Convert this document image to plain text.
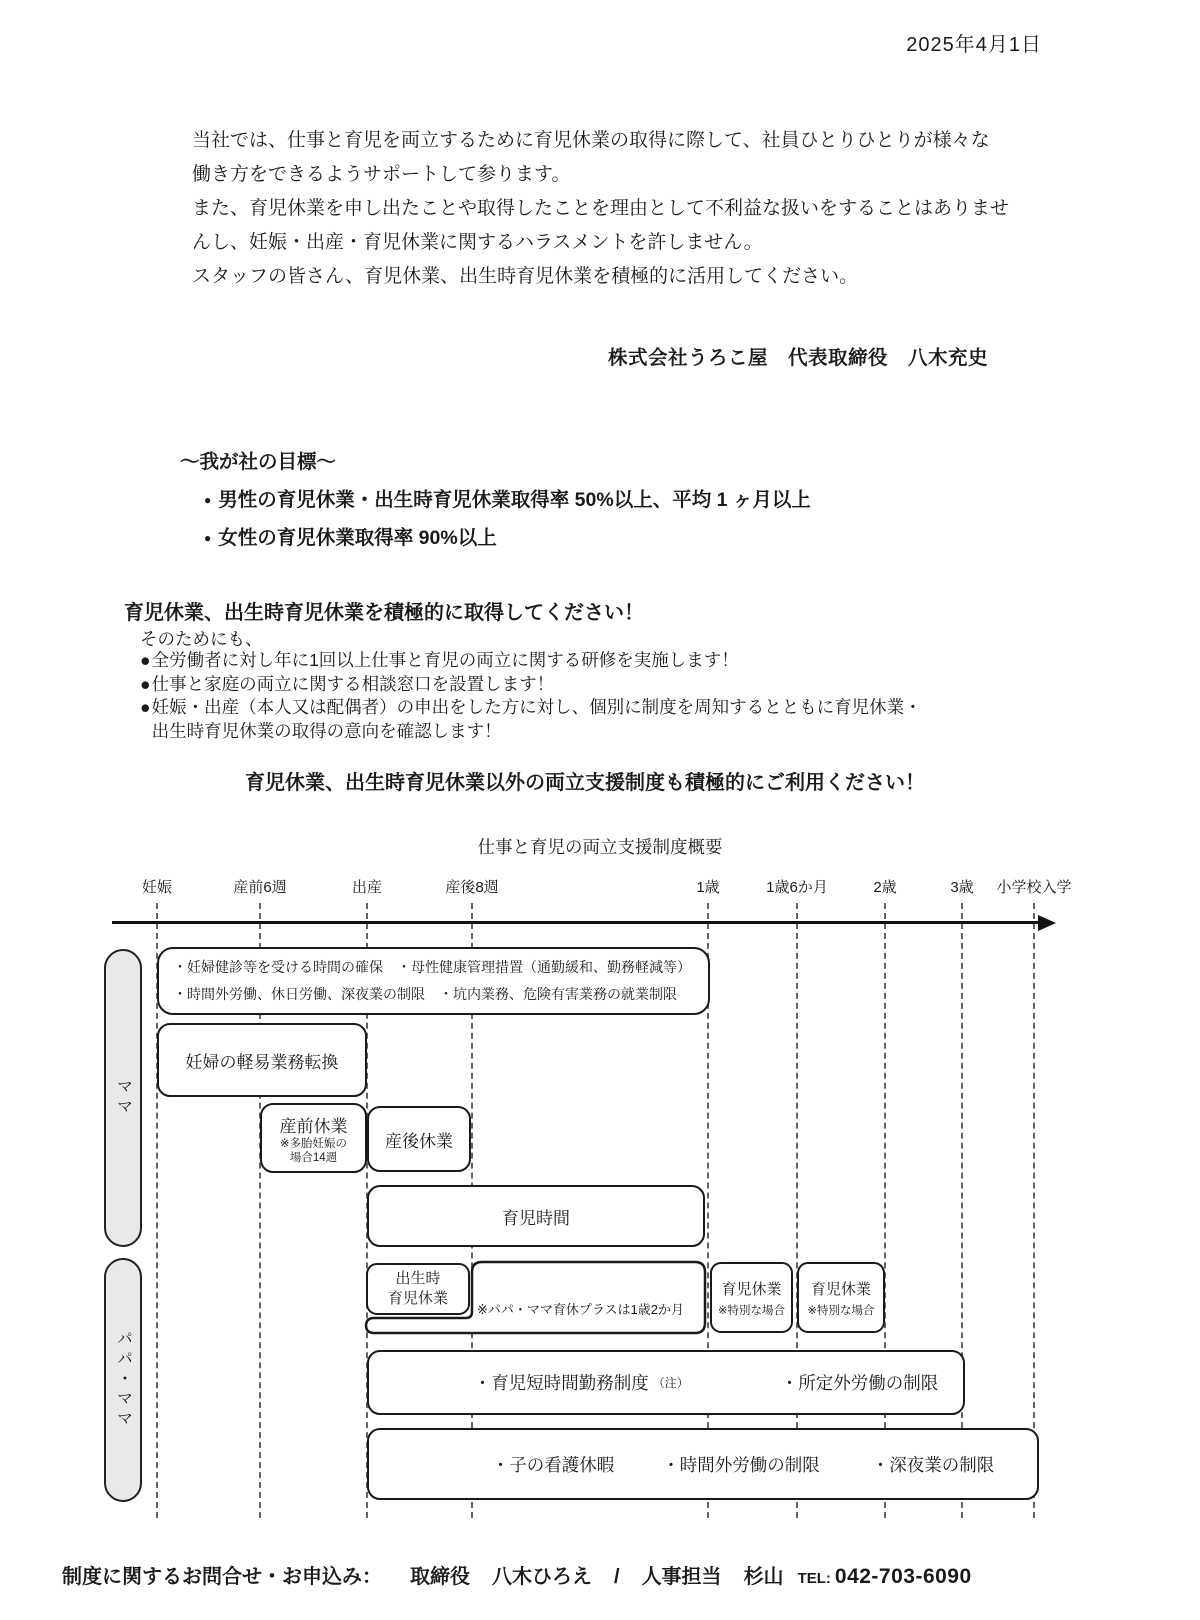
2025年4月1日
当社では、仕事と育児を両立するために育児休業の取得に際して、社員ひとりひとりが様々な
働き方をできるようサポートして参ります。
また、育児休業を申し出たことや取得したことを理由として不利益な扱いをすることはありませ
んし、妊娠・出産・育児休業に関するハラスメントを許しません。
スタッフの皆さん、育児休業、出生時育児休業を積極的に活用してください。
株式会社うろこ屋　代表取締役　八木充史
～我が社の目標～
● 男性の育児休業・出生時育児休業取得率 50%以上、平均 1 ヶ月以上
● 女性の育児休業取得率 90%以上
育児休業、出生時育児休業を積極的に取得してください！
そのためにも、
● 全労働者に対し年に1回以上仕事と育児の両立に関する研修を実施します！
● 仕事と家庭の両立に関する相談窓口を設置します！
● 妊娠・出産（本人又は配偶者）の申出をした方に対し、個別に制度を周知するとともに育児休業・
出生時育児休業の取得の意向を確認します！
育児休業、出生時育児休業以外の両立支援制度も積極的にご利用ください！
仕事と育児の両立支援制度概要
妊娠	産前6週	出産	産後8週	1歳	1歳6か月	2歳	3歳	小学校入学
ママ
パパ・ママ
・妊婦健診等を受ける時間の確保　・母性健康管理措置（通勤緩和、勤務軽減等）
・時間外労働、休日労働、深夜業の制限　・坑内業務、危険有害業務の就業制限
妊婦の軽易業務転換
産前休業
※多胎妊娠の
場合14週
産後休業
育児時間
※パパ・ママ育休プラスは1歳2か月
出生時
育児休業
育児休業
※特別な場合
育児休業
※特別な場合
・育児短時間勤務制度 （注）	・所定外労働の制限
・子の看護休暇	・時間外労働の制限	・深夜業の制限
制度に関するお問合せ・お申込み： 取締役 八木ひろえ / 人事担当 杉山 TEL: 042-703-6090
